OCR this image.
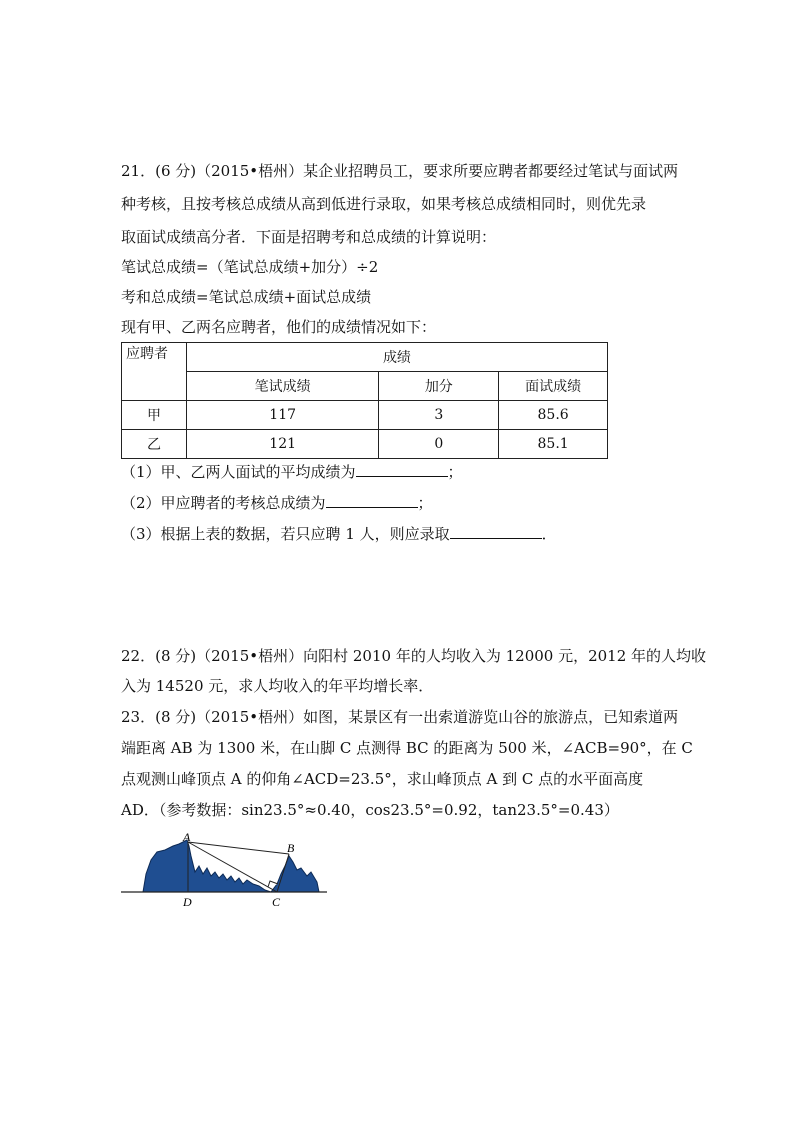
21．(6 分)（2015•梧州）某企业招聘员工，要求所要应聘者都要经过笔试与面试两
种考核，且按考核总成绩从高到低进行录取，如果考核总成绩相同时，则优先录
取面试成绩高分者．下面是招聘考和总成绩的计算说明：
笔试总成绩=（笔试总成绩+加分）÷2
考和总成绩=笔试总成绩+面试总成绩
现有甲、乙两名应聘者，他们的成绩情况如下：
应聘者	成绩		
	笔试成绩	加分	面试成绩
甲	117	3	85.6
乙	121	0	85.1
（1）甲、乙两人面试的平均成绩为	；
（2）甲应聘者的考核总成绩为	；
（3）根据上表的数据，若只应聘 1 人，则应录取	．
22．(8 分)（2015•梧州）向阳村 2010 年的人均收入为 12000 元，2012 年的人均收
入为 14520 元，求人均收入的年平均增长率．
23．(8 分)（2015•梧州）如图，某景区有一出索道游览山谷的旅游点，已知索道两
端距离 AB 为 1300 米，在山脚 C 点测得 BC 的距离为 500 米，∠ACB=90°，在 C
点观测山峰顶点 A 的仰角∠ACD=23.5°，求山峰顶点 A 到 C 点的水平面高度
AD．（参考数据：sin23.5°≈0.40，cos23.5°=0.92，tan23.5°=0.43）
A
B
C
D
